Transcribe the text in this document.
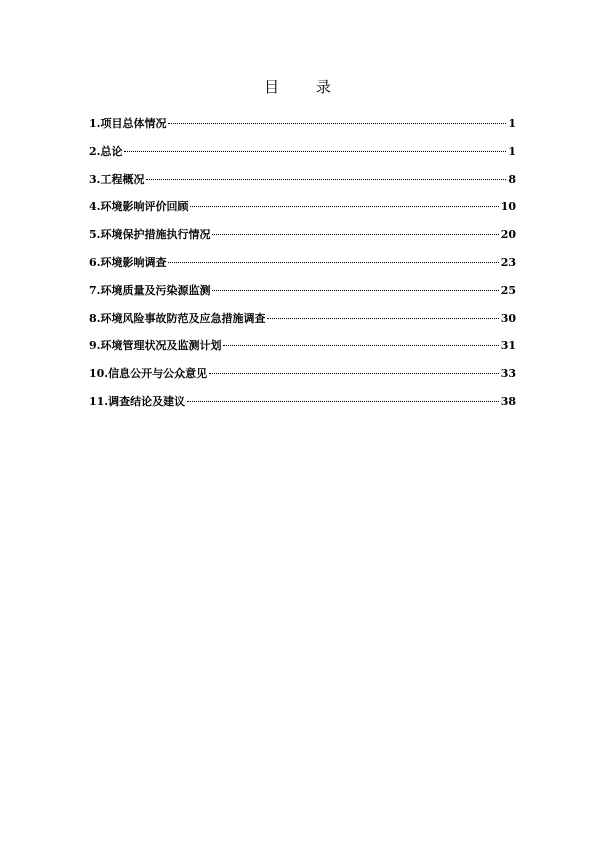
目 录
1.项目总体情况	1
2.总论	1
3.工程概况	8
4.环境影响评价回顾	10
5.环境保护措施执行情况	20
6.环境影响调查	23
7.环境质量及污染源监测	25
8.环境风险事故防范及应急措施调查	30
9.环境管理状况及监测计划	31
10.信息公开与公众意见	33
11.调查结论及建议	38
